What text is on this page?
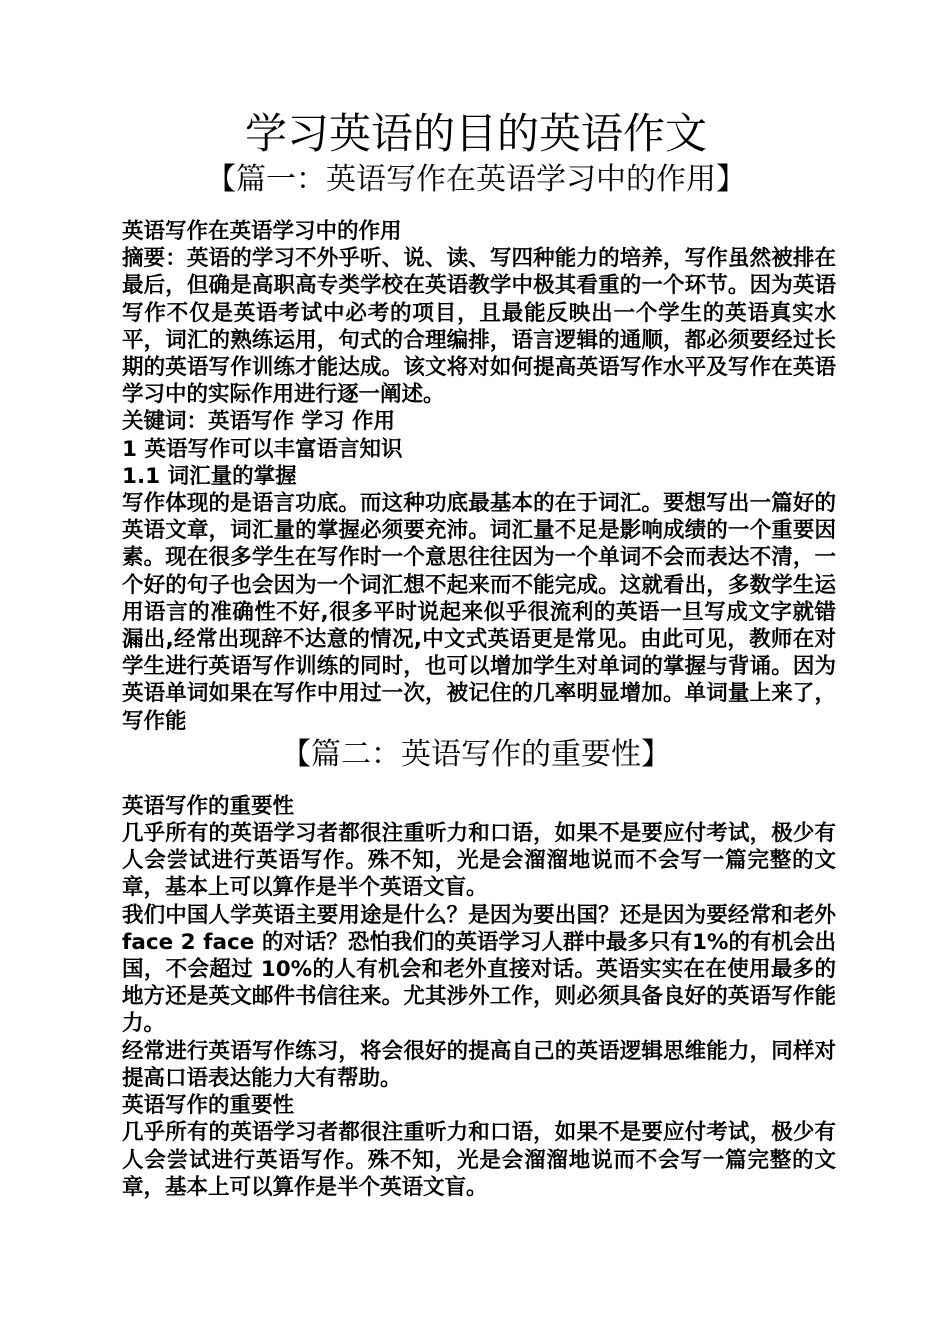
学习英语的目的英语作文
【篇一：英语写作在英语学习中的作用】

英语写作在英语学习中的作用

摘要：英语的学习不外乎听、说、读、写四种能力的培养，写作虽然被排在最后，但确是高职高专类学校在英语教学中极其看重的一个环节。因为英语写作不仅是英语考试中必考的项目，且最能反映出一个学生的英语真实水平，词汇的熟练运用，句式的合理编排，语言逻辑的通顺，都必须要经过长期的英语写作训练才能达成。该文将对如何提高英语写作水平及写作在英语学习中的实际作用进行逐一阐述。

关键词：英语写作 学习 作用

1 英语写作可以丰富语言知识

1.1 词汇量的掌握

写作体现的是语言功底。而这种功底最基本的在于词汇。要想写出一篇好的英语文章，词汇量的掌握必须要充沛。词汇量不足是影响成绩的一个重要因素。现在很多学生在写作时一个意思往往因为一个单词不会而表达不清，一个好的句子也会因为一个词汇想不起来而不能完成。这就看出，多数学生运用语言的准确性不好,很多平时说起来似乎很流利的英语一旦写成文字就错漏出,经常出现辞不达意的情况,中文式英语更是常见。由此可见，教师在对学生进行英语写作训练的同时，也可以增加学生对单词的掌握与背诵。因为英语单词如果在写作中用过一次，被记住的几率明显增加。单词量上来了，写作能

【篇二：英语写作的重要性】

英语写作的重要性

几乎所有的英语学习者都很注重听力和口语，如果不是要应付考试，极少有人会尝试进行英语写作。殊不知，光是会溜溜地说而不会写一篇完整的文章，基本上可以算作是半个英语文盲。

我们中国人学英语主要用途是什么？是因为要出国？还是因为要经常和老外 face 2 face 的对话？恐怕我们的英语学习人群中最多只有1%的有机会出国，不会超过 10%的人有机会和老外直接对话。英语实实在在使用最多的地方还是英文邮件书信往来。尤其涉外工作，则必须具备良好的英语写作能力。

经常进行英语写作练习，将会很好的提高自己的英语逻辑思维能力，同样对提高口语表达能力大有帮助。

英语写作的重要性

几乎所有的英语学习者都很注重听力和口语，如果不是要应付考试，极少有人会尝试进行英语写作。殊不知，光是会溜溜地说而不会写一篇完整的文章，基本上可以算作是半个英语文盲。
